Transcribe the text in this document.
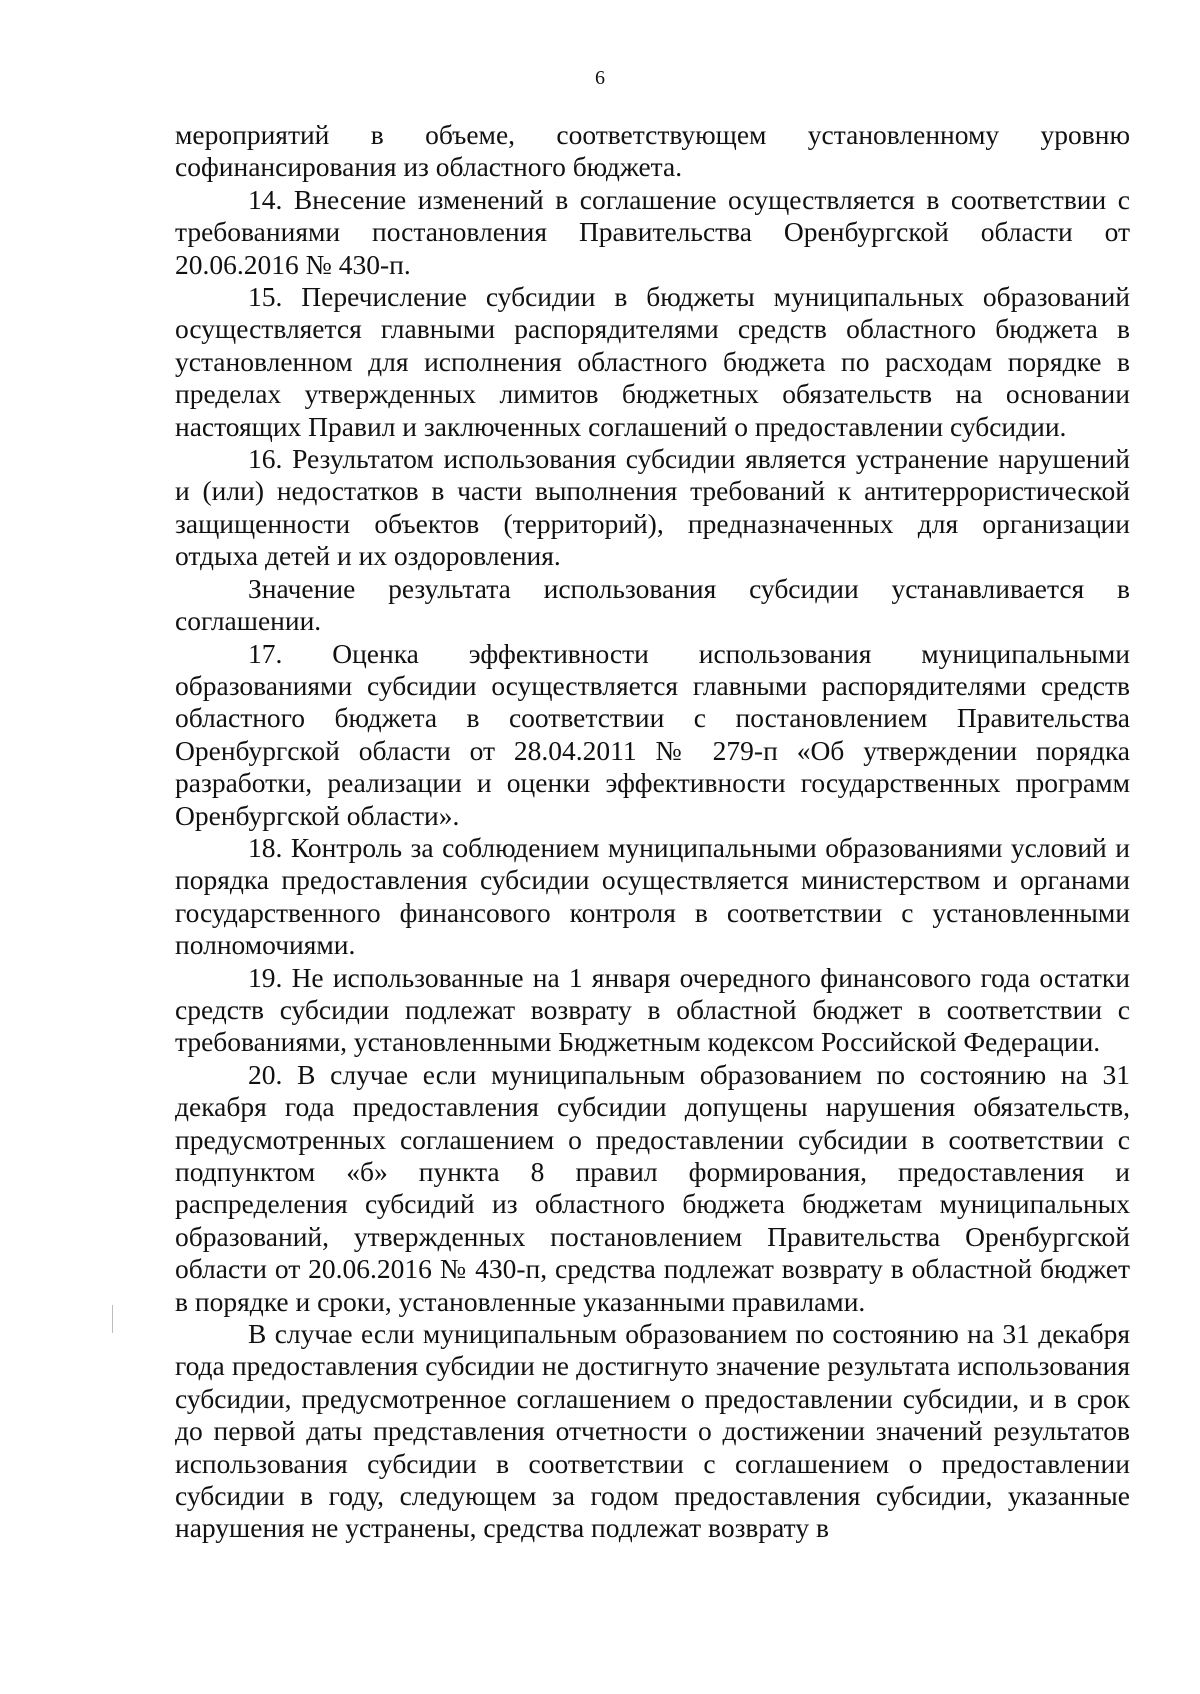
6

мероприятий в объеме, соответствующем установленному уровню софинансирования из областного бюджета.

14. Внесение изменений в соглашение осуществляется в соответствии с требованиями постановления Правительства Оренбургской области от 20.06.2016 № 430-п.

15. Перечисление субсидии в бюджеты муниципальных образований осуществляется главными распорядителями средств областного бюджета в установленном для исполнения областного бюджета по расходам порядке в пределах утвержденных лимитов бюджетных обязательств на основании настоящих Правил и заключенных соглашений о предоставлении субсидии.

16. Результатом использования субсидии является устранение нарушений и (или) недостатков в части выполнения требований к антитеррористической защищенности объектов (территорий), предназначенных для организации отдыха детей и их оздоровления.

Значение результата использования субсидии устанавливается в соглашении.

17. Оценка эффективности использования муниципальными образованиями субсидии осуществляется главными распорядителями средств областного бюджета в соответствии с постановлением Правительства Оренбургской области от 28.04.2011 № 279-п «Об утверждении порядка разработки, реализации и оценки эффективности государственных программ Оренбургской области».

18. Контроль за соблюдением муниципальными образованиями условий и порядка предоставления субсидии осуществляется министерством и органами государственного финансового контроля в соответствии с установленными полномочиями.

19. Не использованные на 1 января очередного финансового года остатки средств субсидии подлежат возврату в областной бюджет в соответствии с требованиями, установленными Бюджетным кодексом Российской Федерации.

20. В случае если муниципальным образованием по состоянию на 31 декабря года предоставления субсидии допущены нарушения обязательств, предусмотренных соглашением о предоставлении субсидии в соответствии с подпунктом «б» пункта 8 правил формирования, предоставления и распределения субсидий из областного бюджета бюджетам муниципальных образований, утвержденных постановлением Правительства Оренбургской области от 20.06.2016 № 430-п, средства подлежат возврату в областной бюджет в порядке и сроки, установленные указанными правилами.

В случае если муниципальным образованием по состоянию на 31 декабря года предоставления субсидии не достигнуто значение результата использования субсидии, предусмотренное соглашением о предоставлении субсидии, и в срок до первой даты представления отчетности о достижении значений результатов использования субсидии в соответствии с соглашением о предоставлении субсидии в году, следующем за годом предоставления субсидии, указанные нарушения не устранены, средства подлежат возврату в
